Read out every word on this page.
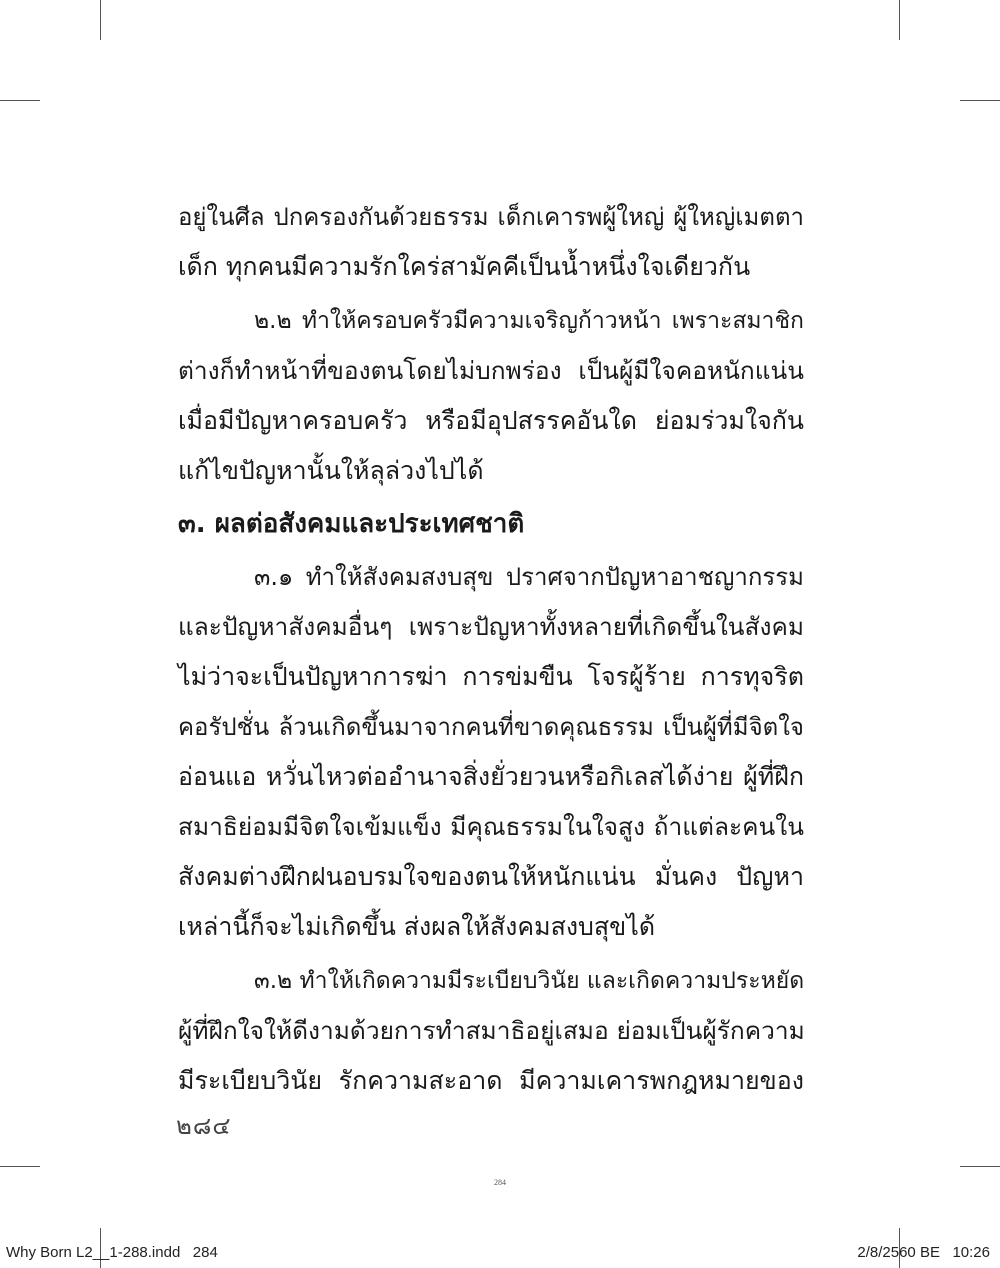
อยู่ในศีล ปกครองกันด้วยธรรม เด็กเคารพผู้ใหญ่ ผู้ใหญ่เมตตา
เด็ก ทุกคนมีความรักใคร่สามัคคีเป็นน้ำหนึ่งใจเดียวกัน
๒.๒ ทำให้ครอบครัวมีความเจริญก้าวหน้า เพราะสมาชิก
ต่างก็ทำหน้าที่ของตนโดยไม่บกพร่อง เป็นผู้มีใจคอหนักแน่น
เมื่อมีปัญหาครอบครัว หรือมีอุปสรรคอันใด ย่อมร่วมใจกัน
แก้ไขปัญหานั้นให้ลุล่วงไปได้
๓. ผลต่อสังคมและประเทศชาติ
๓.๑ ทำให้สังคมสงบสุข ปราศจากปัญหาอาชญากรรม
และปัญหาสังคมอื่นๆ เพราะปัญหาทั้งหลายที่เกิดขึ้นในสังคม
ไม่ว่าจะเป็นปัญหาการฆ่า การข่มขืน โจรผู้ร้าย การทุจริต
คอรัปชั่น ล้วนเกิดขึ้นมาจากคนที่ขาดคุณธรรม เป็นผู้ที่มีจิตใจ
อ่อนแอ หวั่นไหวต่ออำนาจสิ่งยั่วยวนหรือกิเลสได้ง่าย ผู้ที่ฝึก
สมาธิย่อมมีจิตใจเข้มแข็ง มีคุณธรรมในใจสูง ถ้าแต่ละคนใน
สังคมต่างฝึกฝนอบรมใจของตนให้หนักแน่น มั่นคง ปัญหา
เหล่านี้ก็จะไม่เกิดขึ้น ส่งผลให้สังคมสงบสุขได้
๓.๒ ทำให้เกิดความมีระเบียบวินัย และเกิดความประหยัด
ผู้ที่ฝึกใจให้ดีงามด้วยการทำสมาธิอยู่เสมอ ย่อมเป็นผู้รักความ
มีระเบียบวินัย รักความสะอาด มีความเคารพกฎหมายของ
๒๘๔
284
Why Born L2__1-288.indd   284	2/8/2560 BE   10:26
